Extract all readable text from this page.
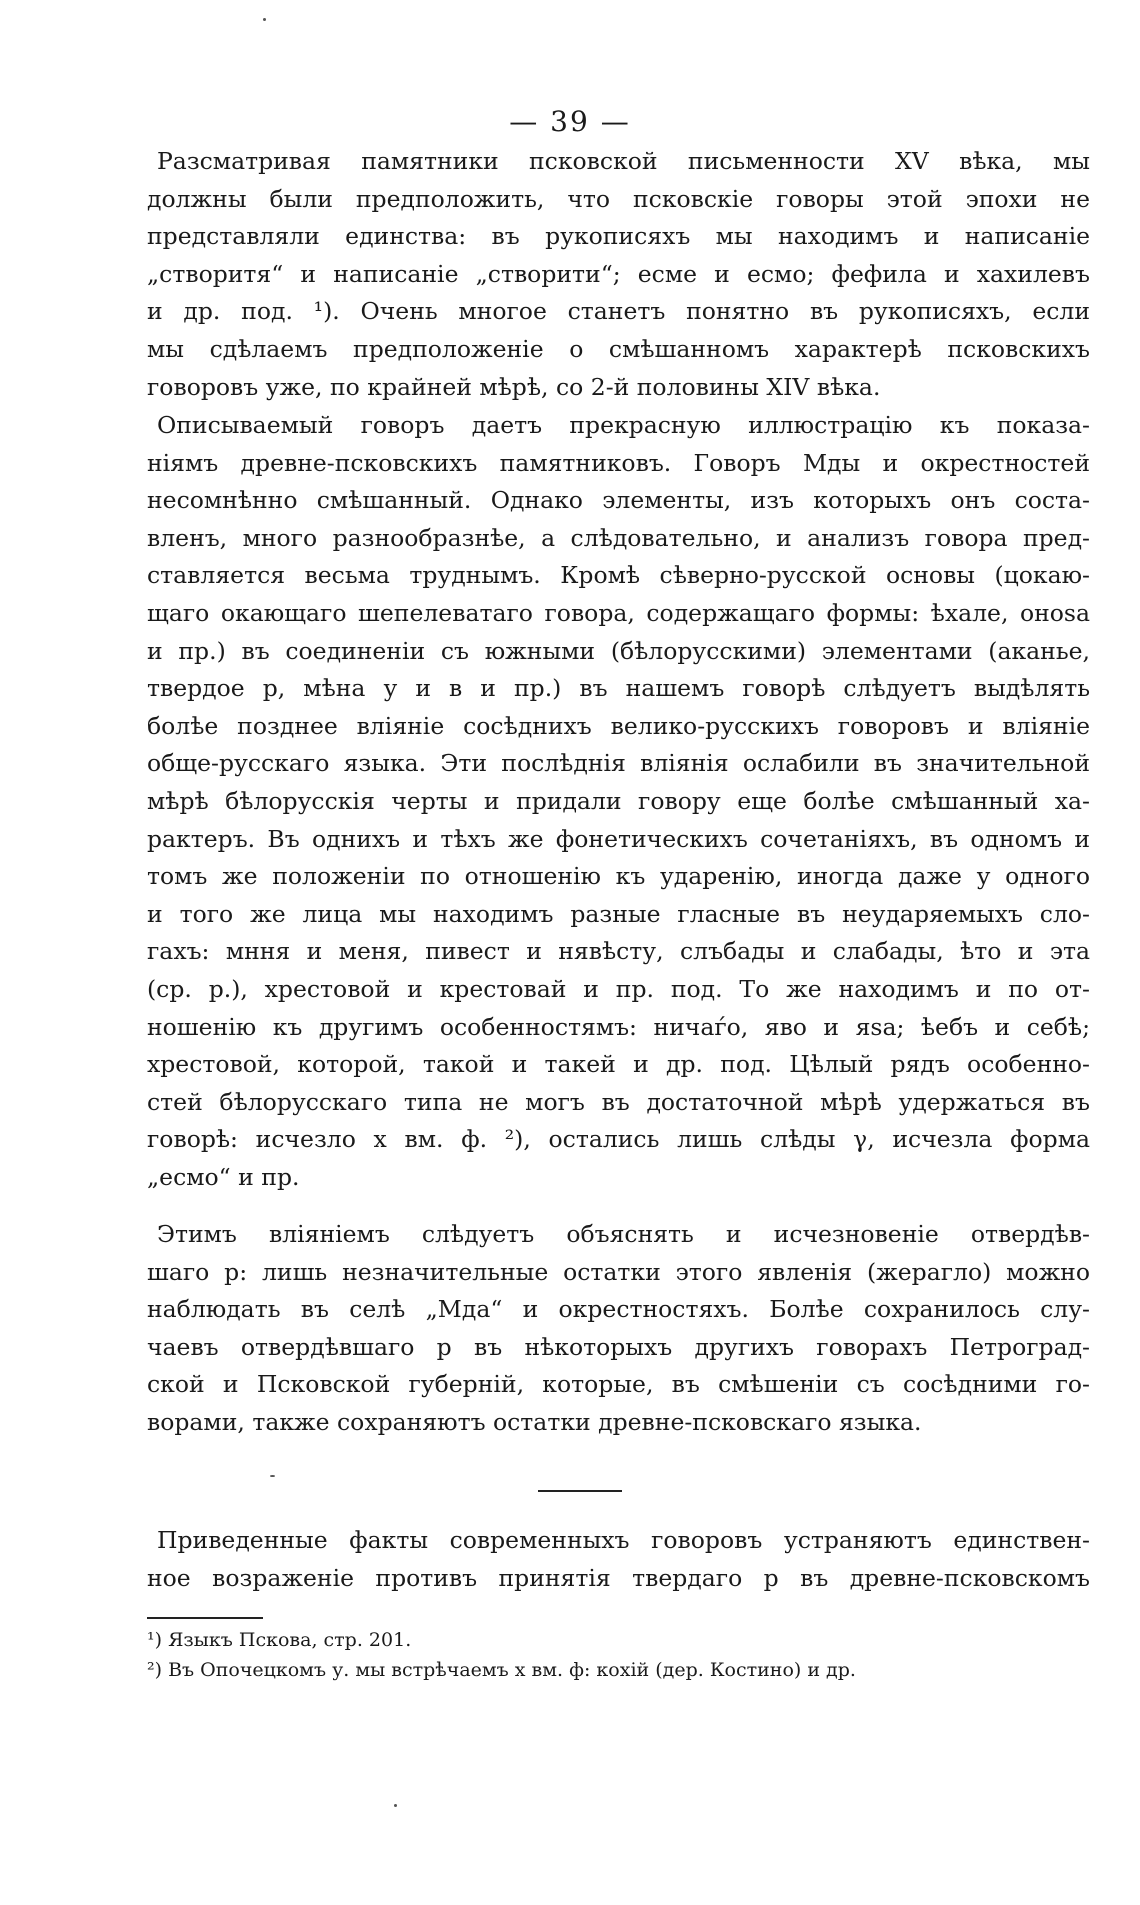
— 39 —
Разсматривая памятники псковской письменности XV вѣка, мы
должны были предположить, что псковскіе говоры этой эпохи не
представляли единства: въ рукописяхъ мы находимъ и написаніе
„створитя“ и написаніе „створити“; есме и есмо; фефила и хахилевъ
и др. под. ¹). Очень многое станетъ понятно въ рукописяхъ, если
мы сдѣлаемъ предположеніе о смѣшанномъ характерѣ псковскихъ
говоровъ уже, по крайней мѣрѣ, со 2-й половины XIV вѣка.
Описываемый говоръ даетъ прекрасную иллюстрацію къ показа-
ніямъ древне-псковскихъ памятниковъ. Говоръ Мды и окрестностей
несомнѣнно смѣшанный. Однако элементы, изъ которыхъ онъ соста-
вленъ, много разнообразнѣе, а слѣдовательно, и анализъ говора пред-
ставляется весьма труднымъ. Кромѣ сѣверно-русской основы (цокаю-
щаго окающаго шепелеватаго говора, содержащаго формы: ѣхале, оноѕа
и пр.) въ соединеніи съ южными (бѣлорусскими) элементами (аканье,
твердое р, мѣна у и в и пр.) въ нашемъ говорѣ слѣдуетъ выдѣлять
болѣе позднее вліяніе сосѣднихъ велико-русскихъ говоровъ и вліяніе
обще-русскаго языка. Эти послѣднія вліянія ослабили въ значительной
мѣрѣ бѣлорусскія черты и придали говору еще болѣе смѣшанный ха-
рактеръ. Въ однихъ и тѣхъ же фонетическихъ сочетаніяхъ, въ одномъ и
томъ же положеніи по отношенію къ ударенію, иногда даже у одного
и того же лица мы находимъ разные гласные въ неударяемыхъ сло-
гахъ: мння и меня, пивест и нявѣсту, слъбады и слабады, ѣто и эта
(ср. р.), хрестовой и крестовай и пр. под. То же находимъ и по от-
ношенію къ другимъ особенностямъ: ничаѓо, яво и яѕа; ѣебъ и себѣ;
хрестовой, которой, такой и такей и др. под. Цѣлый рядъ особенно-
стей бѣлорусскаго типа не могъ въ достаточной мѣрѣ удержаться въ
говорѣ: исчезло х вм. ф. ²), остались лишь слѣды γ, исчезла форма
„есмо“ и пр.
Этимъ вліяніемъ слѣдуетъ объяснять и исчезновеніе отвердѣв-
шаго р: лишь незначительные остатки этого явленія (жерагло) можно
наблюдать въ селѣ „Мда“ и окрестностяхъ. Болѣе сохранилось слу-
чаевъ отвердѣвшаго р въ нѣкоторыхъ другихъ говорахъ Петроград-
ской и Псковской губерній, которые, въ смѣшеніи съ сосѣдними го-
ворами, также сохраняютъ остатки древне-псковскаго языка.
Приведенные факты современныхъ говоровъ устраняютъ единствен-
ное возраженіе противъ принятія твердаго р въ древне-псковскомъ
¹) Языкъ Пскова, стр. 201.
²) Въ Опочецкомъ у. мы встрѣчаемъ х вм. ф: кохій (дер. Костино) и др.
